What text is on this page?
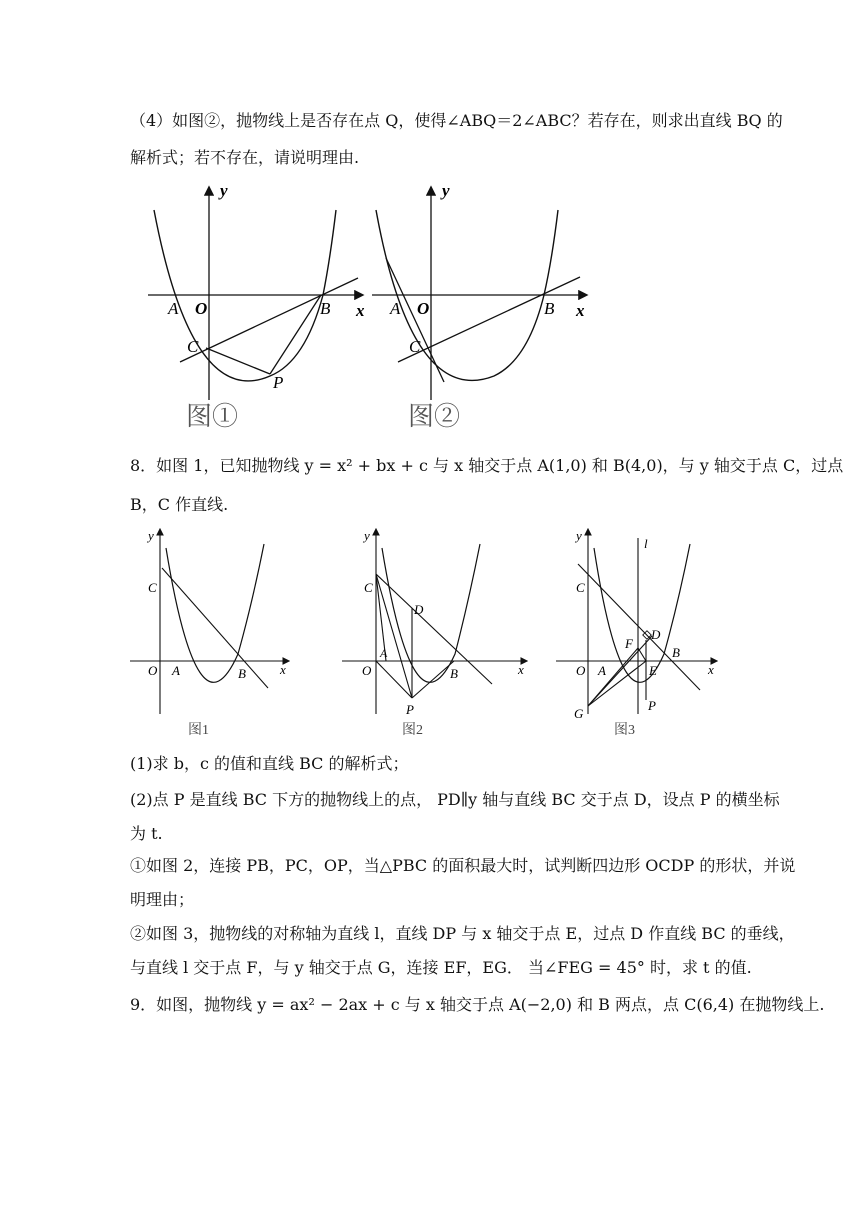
（4）如图②，抛物线上是否存在点 Q，使得∠ABQ＝2∠ABC？若存在，则求出直线 BQ 的
解析式；若不存在，请说明理由.
y
x
O
A	B
C
P
图①
y
x
O
A	B
C
图②
8．如图 1，已知抛物线 y = x² + bx + c 与 x 轴交于点 A(1,0) 和 B(4,0)，与 y 轴交于点 C，过点
B，C 作直线.
y
x
O A	B
C
图1
y
x
O
A
B
C
D
P
图2
y
x
l
O A
B
C
D
E
F
G
P
图3
(1)求 b，c 的值和直线 BC 的解析式；
(2)点 P 是直线 BC 下方的抛物线上的点， PD∥y 轴与直线 BC 交于点 D，设点 P 的横坐标
为 t.
①如图 2，连接 PB，PC，OP，当△PBC 的面积最大时，试判断四边形 OCDP 的形状，并说
明理由；
②如图 3，抛物线的对称轴为直线 l，直线 DP 与 x 轴交于点 E，过点 D 作直线 BC 的垂线，
与直线 l 交于点 F，与 y 轴交于点 G，连接 EF，EG． 当∠FEG = 45° 时，求 t 的值.
9．如图，抛物线 y = ax² − 2ax + c 与 x 轴交于点 A(−2,0) 和 B 两点，点 C(6,4) 在抛物线上.
